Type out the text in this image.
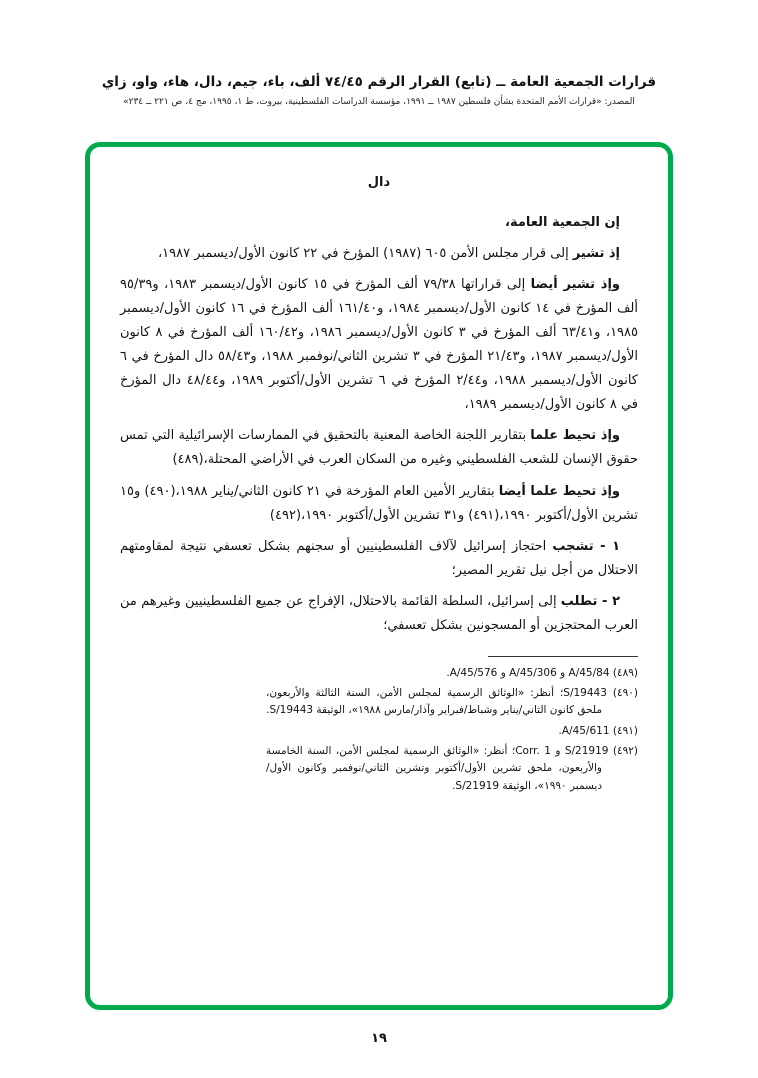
قرارات الجمعية العامة ــ (تابع) القرار الرقم ٧٤/٤٥ ألف، باء، جيم، دال، هاء، واو، زاي
المصدر: «قرارات الأمم المتحدة بشأن فلسطين ١٩٨٧ ــ ١٩٩١، مؤسسة الدراسات الفلسطينية، بيروت، ط ١، ١٩٩٥، مج ٤، ص ٢٢١ ــ ٢٣٤»
دال

إن الجمعية العامة،

إذ تشير إلى قرار مجلس الأمن ٦٠٥ (١٩٨٧) المؤرخ في ٢٢ كانون الأول/ديسمبر ١٩٨٧،

وإذ تشير أيضا إلى قراراتها ٧٩/٣٨ ألف المؤرخ في ١٥ كانون الأول/ديسمبر ١٩٨٣، و٩٥/٣٩ ألف المؤرخ في ١٤ كانون الأول/ديسمبر ١٩٨٤، و١٦١/٤٠ ألف المؤرخ في ١٦ كانون الأول/ديسمبر ١٩٨٥، و٦٣/٤١ ألف المؤرخ في ٣ كانون الأول/ديسمبر ١٩٨٦، و١٦٠/٤٢ ألف المؤرخ في ٨ كانون الأول/ديسمبر ١٩٨٧، و٢١/٤٣ المؤرخ في ٣ تشرين الثاني/نوفمبر ١٩٨٨، و٥٨/٤٣ دال المؤرخ في ٦ كانون الأول/ديسمبر ١٩٨٨، و٢/٤٤ المؤرخ في ٦ تشرين الأول/أكتوبر ١٩٨٩، و٤٨/٤٤ دال المؤرخ في ٨ كانون الأول/ديسمبر ١٩٨٩،

وإذ تحيط علما بتقارير اللجنة الخاصة المعنية بالتحقيق في الممارسات الإسرائيلية التي تمس حقوق الإنسان للشعب الفلسطيني وغيره من السكان العرب في الأراضي المحتلة،(٤٨٩)

وإذ تحيط علما أيضا بتقارير الأمين العام المؤرخة في ٢١ كانون الثاني/يناير ١٩٨٨،(٤٩٠) و١٥ تشرين الأول/أكتوبر ١٩٩٠،(٤٩١) و٣١ تشرين الأول/أكتوبر ١٩٩٠،(٤٩٢)

١ - تشجب احتجاز إسرائيل لآلاف الفلسطينيين أو سجنهم بشكل تعسفي نتيجة لمقاومتهم الاحتلال من أجل نيل تقرير المصير؛

٢ - تطلب إلى إسرائيل، السلطة القائمة بالاحتلال، الإفراج عن جميع الفلسطينيين وغيرهم من العرب المحتجزين أو المسجونين بشكل تعسفي؛

(٤٨٩) A/45/84 و A/45/306 و A/45/576.
(٤٩٠) S/19443؛ أنظر: «الوثائق الرسمية لمجلس الأمن، السنة الثالثة والأربعون، ملحق كانون الثاني/يناير وشباط/فبراير وآذار/مارس ١٩٨٨»، الوثيقة S/19443.
(٤٩١) A/45/611.
(٤٩٢) S/21919 و Corr. 1؛ أنظر: «الوثائق الرسمية لمجلس الأمن، السنة الخامسة والأربعون، ملحق تشرين الأول/أكتوبر وتشرين الثاني/نوفمبر وكانون الأول/ديسمبر ١٩٩٠»، الوثيقة S/21919.
١٩
